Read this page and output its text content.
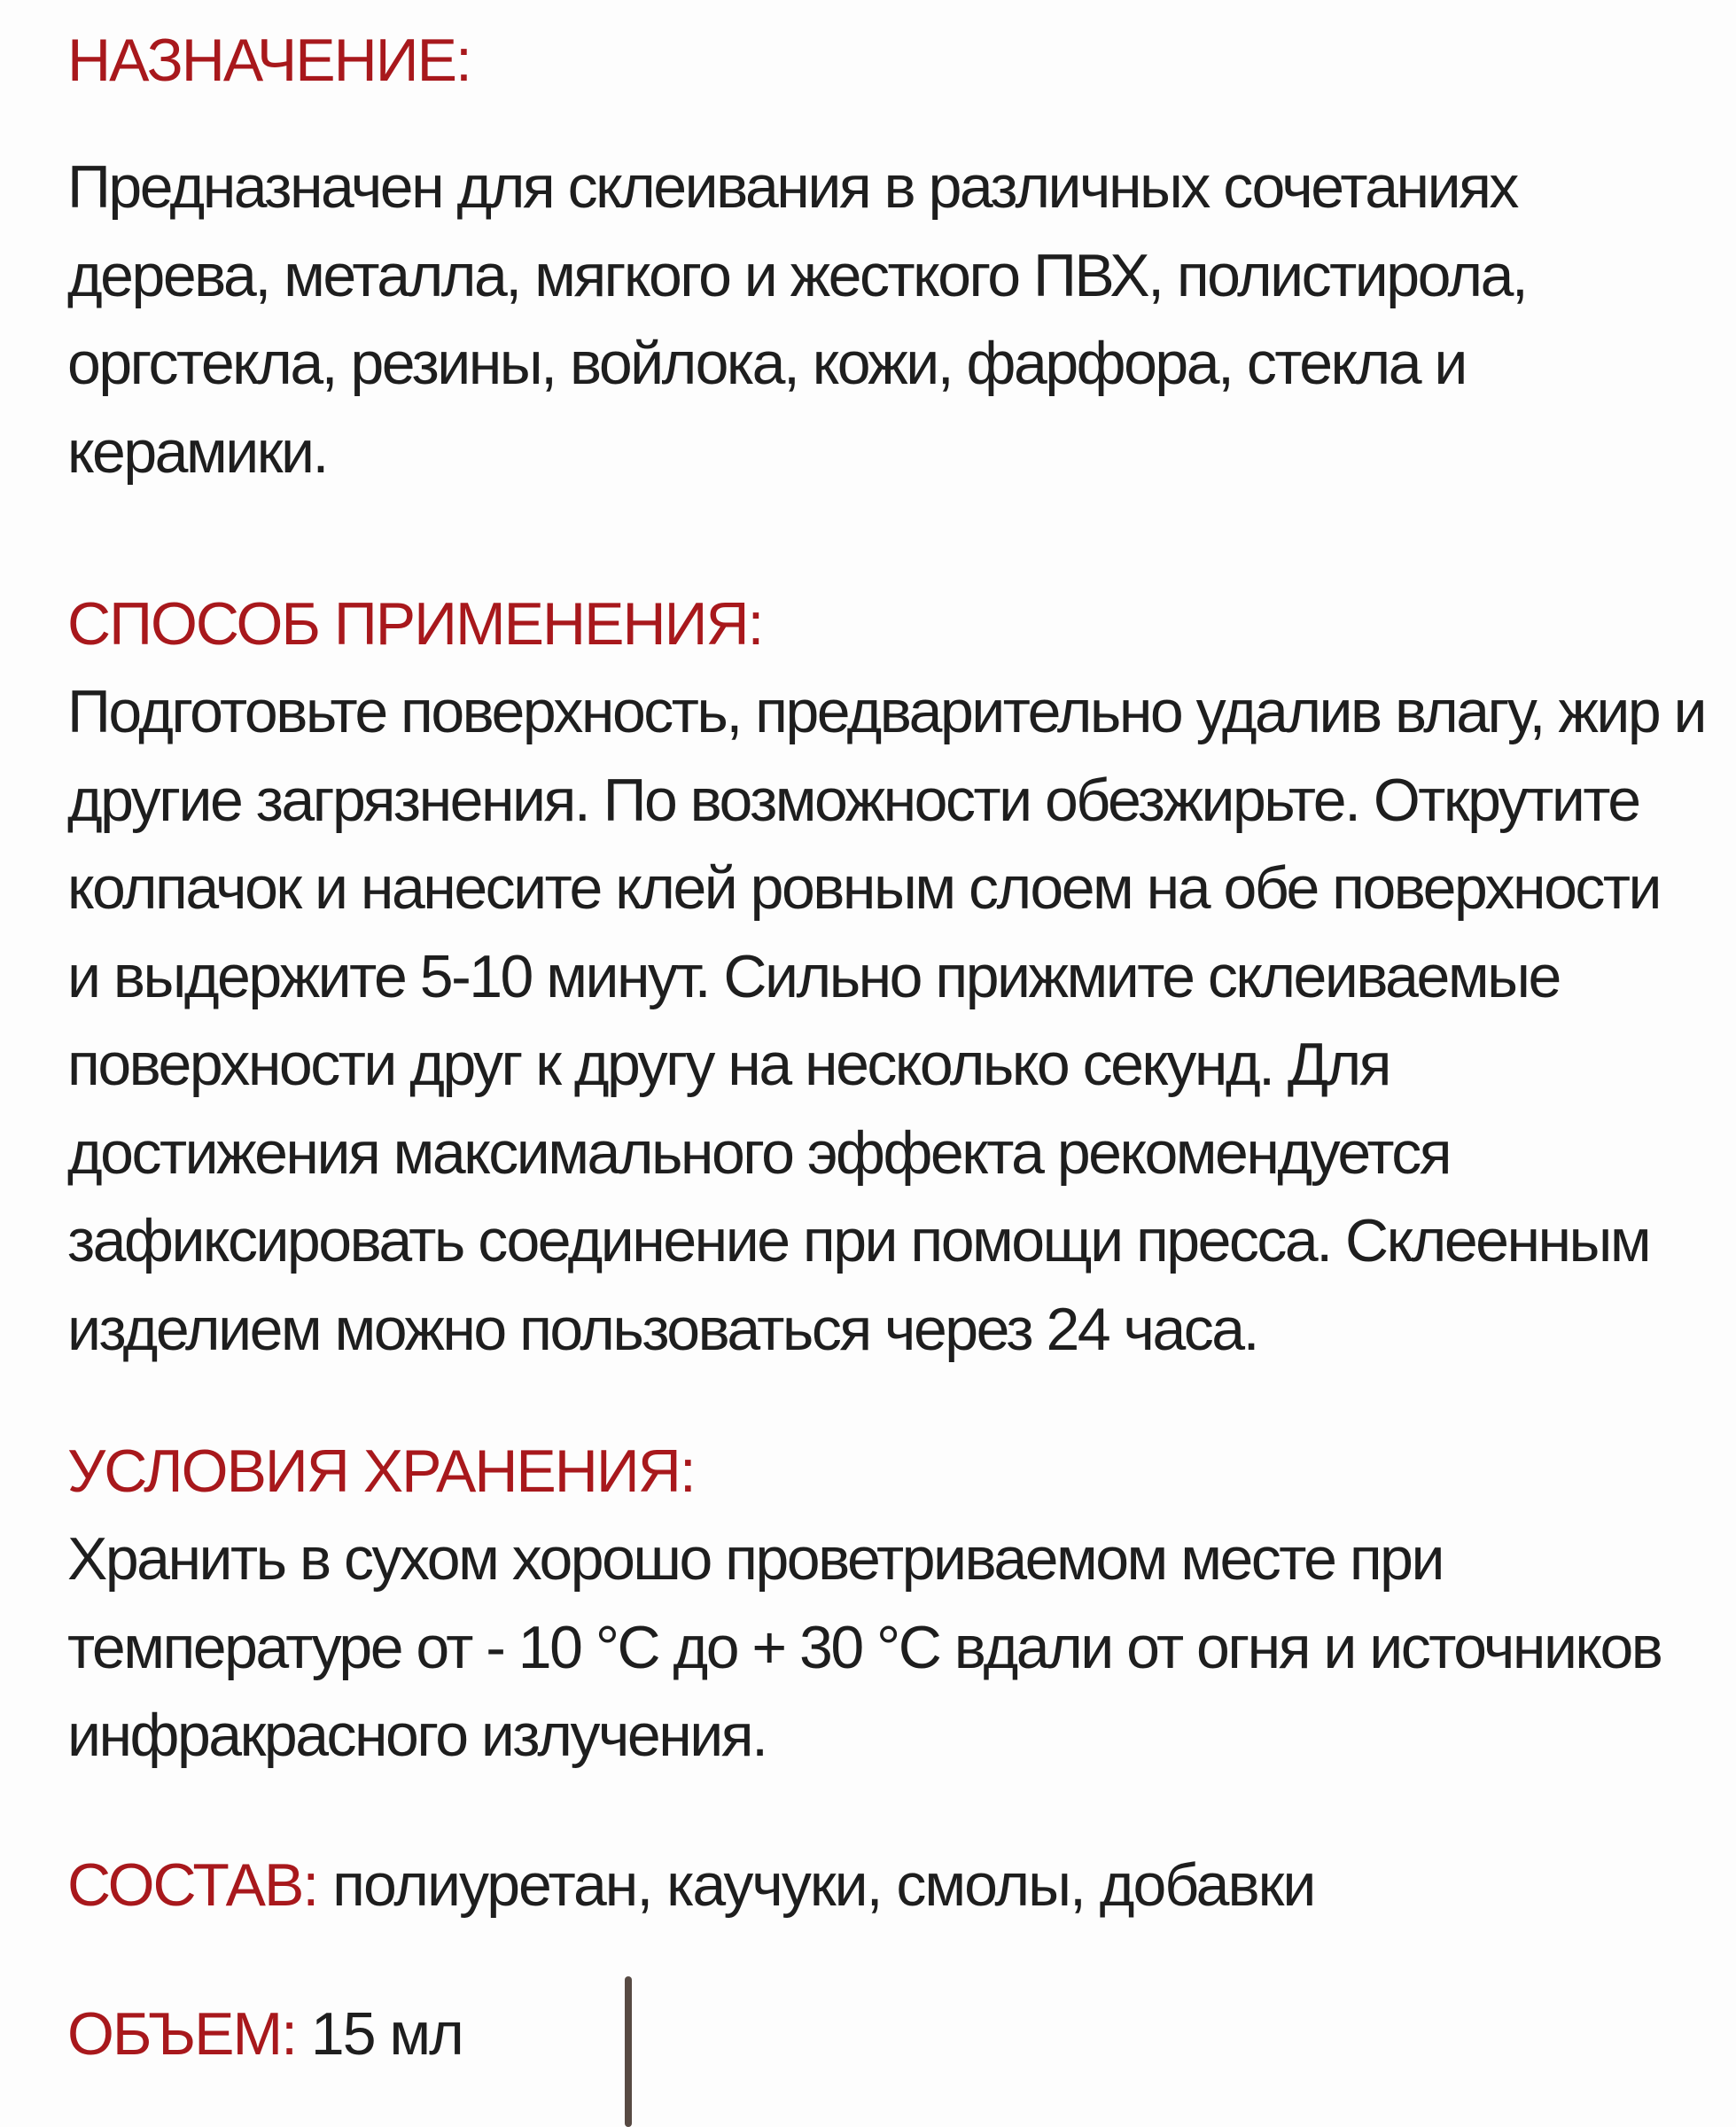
НАЗНАЧЕНИЕ:
Предназначен для склеивания в различных сочетаниях
дерева, металла, мягкого и жесткого ПВХ, полистирола,
оргстекла, резины, войлока, кожи, фарфора, стекла и
керамики.
СПОСОБ ПРИМЕНЕНИЯ:
Подготовьте поверхность, предварительно удалив влагу, жир и
другие загрязнения. По возможности обезжирьте. Открутите
колпачок и нанесите клей ровным слоем на обе поверхности
и выдержите 5-10 минут. Сильно прижмите склеиваемые
поверхности друг к другу на несколько секунд. Для
достижения максимального эффекта рекомендуется
зафиксировать соединение при помощи пресса. Склеенным
изделием можно пользоваться через 24 часа.
УСЛОВИЯ ХРАНЕНИЯ:
Хранить в сухом хорошо проветриваемом месте при
температуре от - 10 °С до + 30 °С вдали от огня и источников
инфракрасного излучения.
СОСТАВ: полиуретан, каучуки, смолы, добавки
ОБЪЕМ: 15 мл
